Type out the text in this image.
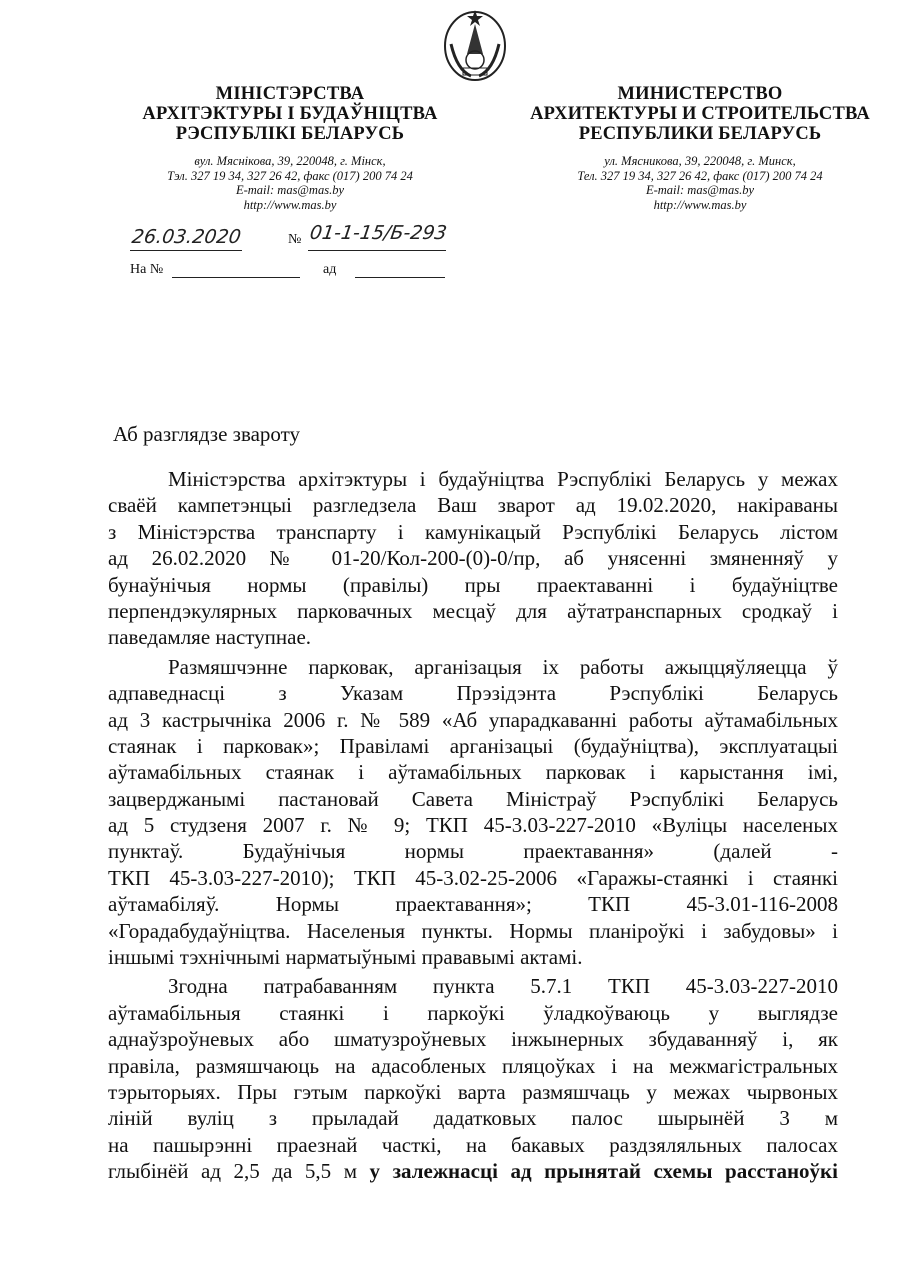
МІНІСТЭРСТВА
АРХІТЭКТУРЫ І БУДАЎНІЦТВА
РЭСПУБЛІКІ БЕЛАРУСЬ
вул. Мяснікова, 39, 220048, г. Мінск,
Тэл. 327 19 34, 327 26 42, факс (017) 200 74 24
E-mail: mas@mas.by
http://www.mas.by
МИНИСТЕРСТВО
АРХИТЕКТУРЫ И СТРОИТЕЛЬСТВА
РЕСПУБЛИКИ БЕЛАРУСЬ
ул. Мясникова, 39, 220048, г. Минск,
Тел. 327 19 34, 327 26 42, факс (017) 200 74 24
E-mail: mas@mas.by
http://www.mas.by
26.03.2020	№ 01-1-15/Б-293
На №	ад
Аб разглядзе звароту
Міністэрства архітэктуры і будаўніцтва Рэспублікі Беларусь у межах
сваёй кампетэнцыі разгледзела Ваш зварот ад 19.02.2020, накіраваны
з Міністэрства транспарту і камунікацый Рэспублікі Беларусь лістом
ад 26.02.2020 № 01-20/Кол-200-(0)-0/пр, аб унясенні змяненняў у
бунаўнічыя нормы (правілы) пры праектаванні і будаўніцтве
перпендэкулярных парковачных месцаў для аўтатранспарных сродкаў і
паведамляе наступнае.
Размяшчэнне парковак, арганізацыя іх работы ажыццяўляецца ў
адпаведнасці з Указам Прэзідэнта Рэспублікі Беларусь
ад 3 кастрычніка 2006 г. № 589 «Аб упарадкаванні работы аўтамабільных
стаянак і парковак»; Правіламі арганізацыі (будаўніцтва), эксплуатацыі
аўтамабільных стаянак і аўтамабільных парковак і карыстання імі,
зацверджанымі пастановай Савета Міністраў Рэспублікі Беларусь
ад 5 студзеня 2007 г. № 9; ТКП 45-3.03-227-2010 «Вуліцы населеных
пунктаў. Будаўнічыя нормы праектавання» (далей -
ТКП 45-3.03-227-2010); ТКП 45-3.02-25-2006 «Гаражы-стаянкі і стаянкі
аўтамабіляў. Нормы праектавання»; ТКП 45-3.01-116-2008
«Горадабудаўніцтва. Населеныя пункты. Нормы планіроўкі і забудовы» і
іншымі тэхнічнымі нарматыўнымі прававымі актамі.
Згодна патрабаванням пункта 5.7.1 ТКП 45-3.03-227-2010
аўтамабільныя стаянкі і паркоўкі ўладкоўваюць у выглядзе
аднаўзроўневых або шматузроўневых інжынерных збудаванняў і, як
правіла, размяшчаюць на адасобленых пляцоўках і на межмагістральных
тэрыторыях. Пры гэтым паркоўкі варта размяшчаць у межах чырвоных
ліній вуліц з прыладай дадатковых палос шырынёй 3 м
на пашырэнні праезнай часткі, на бакавых раздзяляльных палосах
глыбінёй ад 2,5 да 5,5 м у залежнасці ад прынятай схемы расстаноўкі
